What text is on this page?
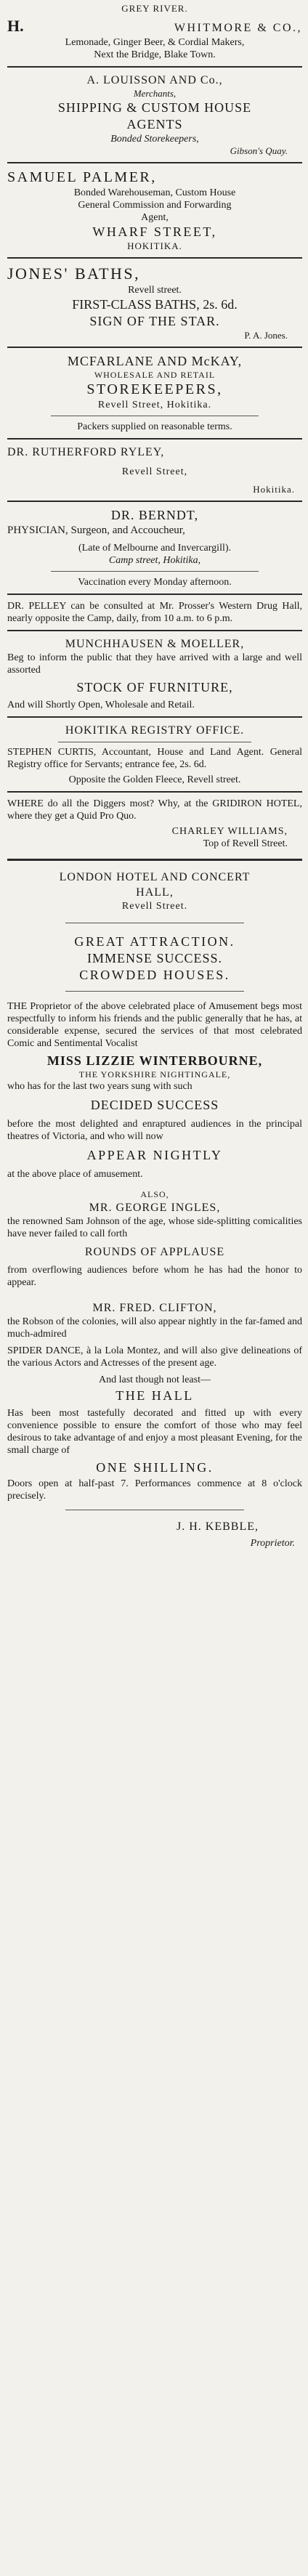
GREY RIVER.
H.	WHITMORE & CO.,
Lemonade, Ginger Beer, & Cordial Makers,
Next the Bridge, Blake Town.
A. LOUISSON AND Co.,
Merchants,
SHIPPING & CUSTOM HOUSE
AGENTS
Bonded Storekeepers,
Gibson's Quay.
SAMUEL PALMER,
Bonded Warehouseman, Custom House
General Commission and Forwarding
Agent,
WHARF STREET,
HOKITIKA.
JONES' BATHS,
Revell street.
FIRST-CLASS BATHS, 2s. 6d.
SIGN OF THE STAR.
P. A. Jones.
MCFARLANE AND McKAY,
WHOLESALE AND RETAIL
STOREKEEPERS,
Revell Street, Hokitika.
Packers supplied on reasonable terms.
DR. RUTHERFORD RYLEY,
Revell Street,
Hokitika.
DR. BERNDT,
PHYSICIAN, Surgeon, and Accoucheur,
(Late of Melbourne and Invercargill).
Camp street, Hokitika,
Vaccination every Monday afternoon.
DR. PELLEY can be consulted at Mr. Prosser's Western Drug Hall, nearly opposite the Camp, daily, from 10 a.m. to 6 p.m.
MUNCHHAUSEN & MOELLER,
Beg to inform the public that they have arrived with a large and well assorted
STOCK OF FURNITURE,
And will Shortly Open, Wholesale and Retail.
HOKITIKA REGISTRY OFFICE.
STEPHEN CURTIS, Accountant, House and Land Agent. General Registry office for Servants; entrance fee, 2s. 6d.
Opposite the Golden Fleece, Revell street.
WHERE do all the Diggers most? Why, at the GRIDIRON HOTEL, where they get a Quid Pro Quo.
CHARLEY WILLIAMS,
Top of Revell Street.
LONDON HOTEL AND CONCERT
HALL,
Revell Street.
GREAT ATTRACTION.
IMMENSE SUCCESS.
CROWDED HOUSES.
THE Proprietor of the above celebrated place of Amusement begs most respectfully to inform his friends and the public generally that he has, at considerable expense, secured the services of that most celebrated Comic and Sentimental Vocalist
MISS LIZZIE WINTERBOURNE,
THE YORKSHIRE NIGHTINGALE,
who has for the last two years sung with such
DECIDED SUCCESS
before the most delighted and enraptured audiences in the principal theatres of Victoria, and who will now
APPEAR NIGHTLY
at the above place of amusement.
ALSO,
MR. GEORGE INGLES,
the renowned Sam Johnson of the age, whose side-splitting comicalities have never failed to call forth
ROUNDS OF APPLAUSE
from overflowing audiences before whom he has had the honor to appear.
MR. FRED. CLIFTON,
the Robson of the colonies, will also appear nightly in the far-famed and much-admired
SPIDER DANCE, à la Lola Montez, and will also give delineations of the various Actors and Actresses of the present age.
And last though not least—
THE HALL
Has been most tastefully decorated and fitted up with every convenience possible to ensure the comfort of those who may feel desirous to take advantage of and enjoy a most pleasant Evening, for the small charge of
ONE SHILLING.
Doors open at half-past 7. Performances commence at 8 o'clock precisely.
J. H. KEBBLE,
Proprietor.
